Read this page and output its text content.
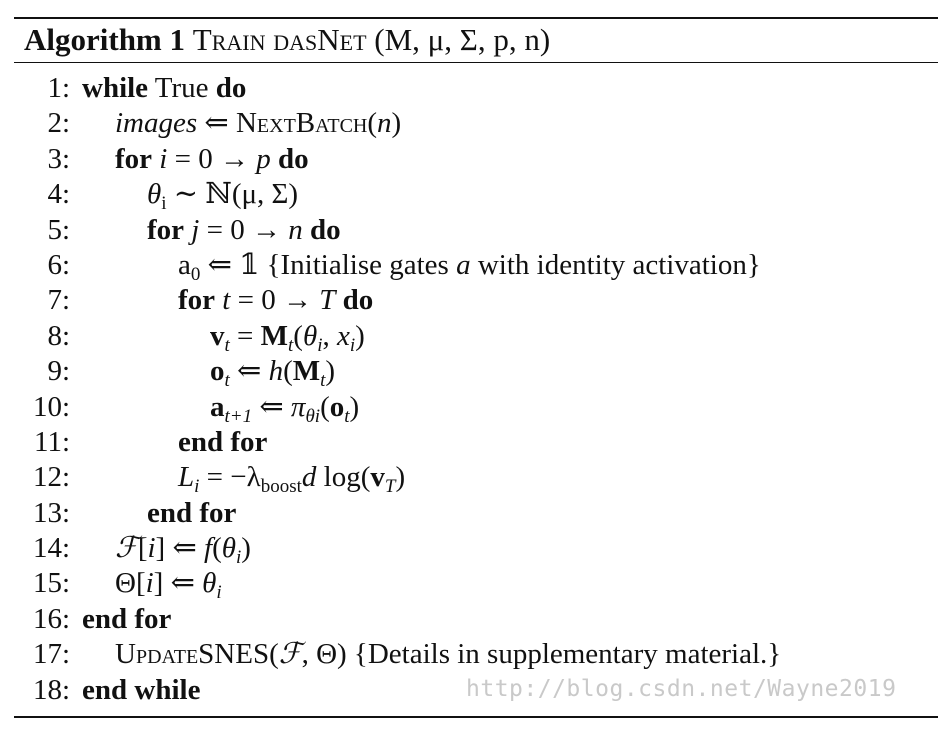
Algorithm 1 Train dasNet (M, μ, Σ, p, n)
1: while True do
2: images ⇐ NextBatch(n)
3: for i = 0 → p do
4:	$\theta_i$ ∼ ℕ(μ, Σ)
5:	for j = 0 → n do
6:	$a_0$ ⇐ 𝟙 {Initialise gates a with identity activation}
7:	for t = 0 → T do
8:	$v_t = M_t(\theta_i$, $x_i$)
9:	$o_t$ ⇐ $h(M_t)$
10:	$a_{t+1}$ ⇐ $\pi_{\theta i}(o_t)$
11:	end for
12:	$L_i = -\lambda_{boost}d$ $\log(v_T)$
13:	end for
14: ℱ[i] ⇐ $f(\theta_i)$
15: Θ[i] ⇐ $\theta_i$
16: end for
17: UpdateSNES(ℱ, Θ) {Details in supplementary material.}
18: end while	http://blog.csdn.net/Wayne2019
